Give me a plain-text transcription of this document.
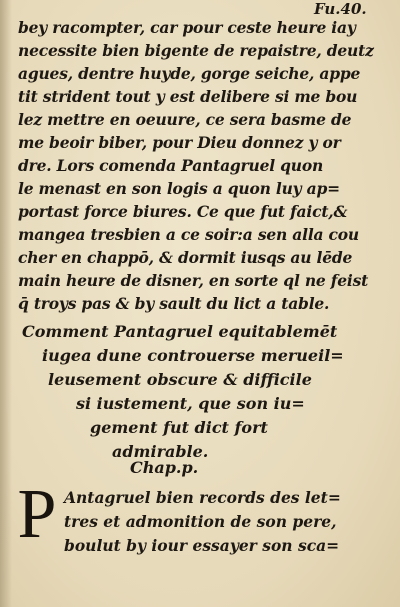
Fu.40.
bey racompter, car pour ceste heure iay
necessite bien bigente de repaistre, deutz
agues, dentre huyde, gorge seiche, appe
tit strident tout y est delibere si me bou
lez mettre en oeuure, ce sera basme de
me beoir biber, pour Dieu donnez y or
dre. Lors comenda Pantagruel quon
le menast en son logis a quon luy ap=
portast force biures. Ce que fut faict,&
mangea tresbien a ce soir:a sen alla cou
cher en chappō, & dormit iusqs au lēde
main heure de disner, en sorte ql ne feist
q̄ troys pas & by sault du lict a table.
Comment Pantagruel equitablemēt
iugea dune controuerse merueil=
leusement obscure & difficile
si iustement, que son iu=
gement fut dict fort
admirable.
Chap.p.
P Antagruel bien records des let=
tres et admonition de son pere,
boulut by iour essayer son sca=
